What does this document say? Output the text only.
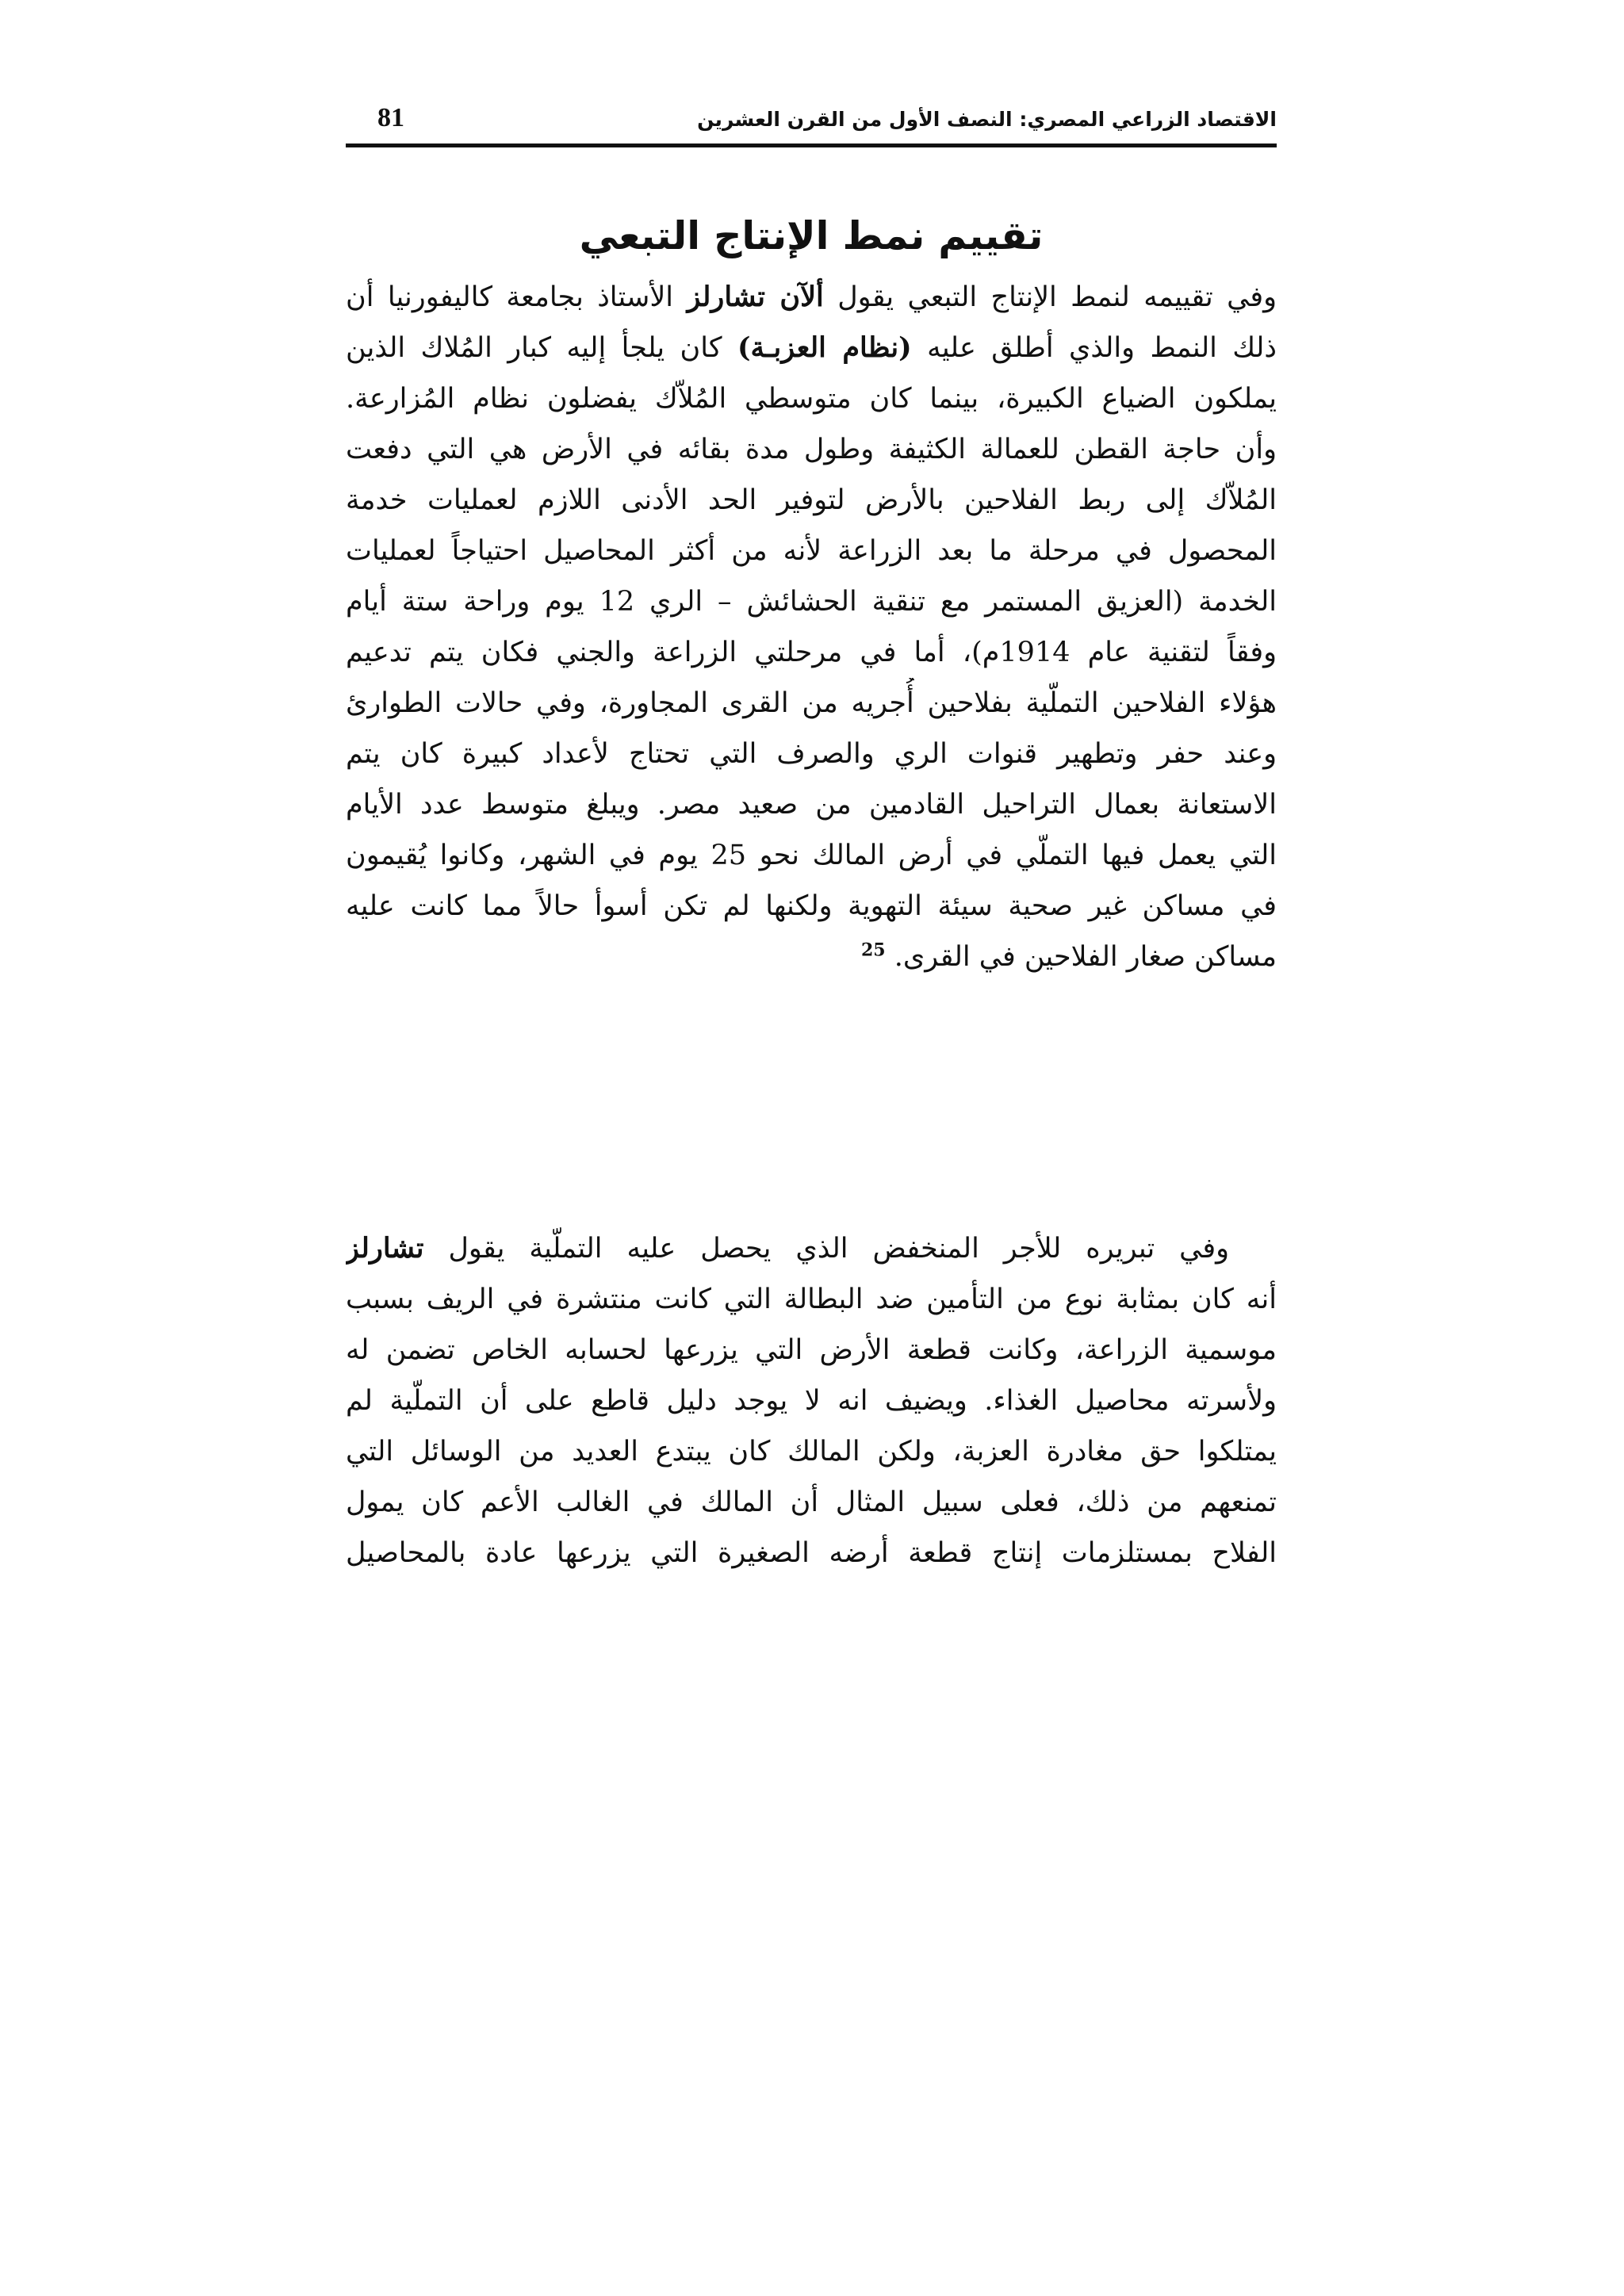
الاقتصاد الزراعي المصري: النصف الأول من القرن العشرين
81
تقييم نمط الإنتاج التبعي
وفي تقييمه لنمط الإنتاج التبعي يقول ألآن تشارلز الأستاذ بجامعة كاليفورنيا أن
ذلك النمط والذي أطلق عليه (نظام العزبـة) كان يلجأ إليه كبار المُلاك الذين
يملكون الضياع الكبيرة، بينما كان متوسطي المُلاّك يفضلون نظام المُزارعة.
وأن حاجة القطن للعمالة الكثيفة وطول مدة بقائه في الأرض هي التي دفعت
المُلاّك إلى ربط الفلاحين بالأرض لتوفير الحد الأدنى اللازم لعمليات خدمة
المحصول في مرحلة ما بعد الزراعة لأنه من أكثر المحاصيل احتياجاً لعمليات
الخدمة (العزيق المستمر مع تنقية الحشائش – الري 12 يوم وراحة ستة أيام
وفقاً لتقنية عام 1914م)، أما في مرحلتي الزراعة والجني فكان يتم تدعيم
هؤلاء الفلاحين التملّية بفلاحين أُجريه من القرى المجاورة، وفي حالات الطوارئ
وعند حفر وتطهير قنوات الري والصرف التي تحتاج لأعداد كبيرة كان يتم
الاستعانة بعمال التراحيل القادمين من صعيد مصر. ويبلغ متوسط عدد الأيام
التي يعمل فيها التملّي في أرض المالك نحو 25 يوم في الشهر، وكانوا يُقيمون
في مساكن غير صحية سيئة التهوية ولكنها لم تكن أسوأ حالاً مما كانت عليه
مساكن صغار الفلاحين في القرى. $^{25}$
وفي تبريره للأجر المنخفض الذي يحصل عليه التملّية يقول تشارلز
أنه كان بمثابة نوع من التأمين ضد البطالة التي كانت منتشرة في الريف بسبب
موسمية الزراعة، وكانت قطعة الأرض التي يزرعها لحسابه الخاص تضمن له
ولأسرته محاصيل الغذاء. ويضيف انه لا يوجد دليل قاطع على أن التملّية لم
يمتلكوا حق مغادرة العزبة، ولكن المالك كان يبتدع العديد من الوسائل التي
تمنعهم من ذلك، فعلى سبيل المثال أن المالك في الغالب الأعم كان يمول
الفلاح بمستلزمات إنتاج قطعة أرضه الصغيرة التي يزرعها عادة بالمحاصيل
